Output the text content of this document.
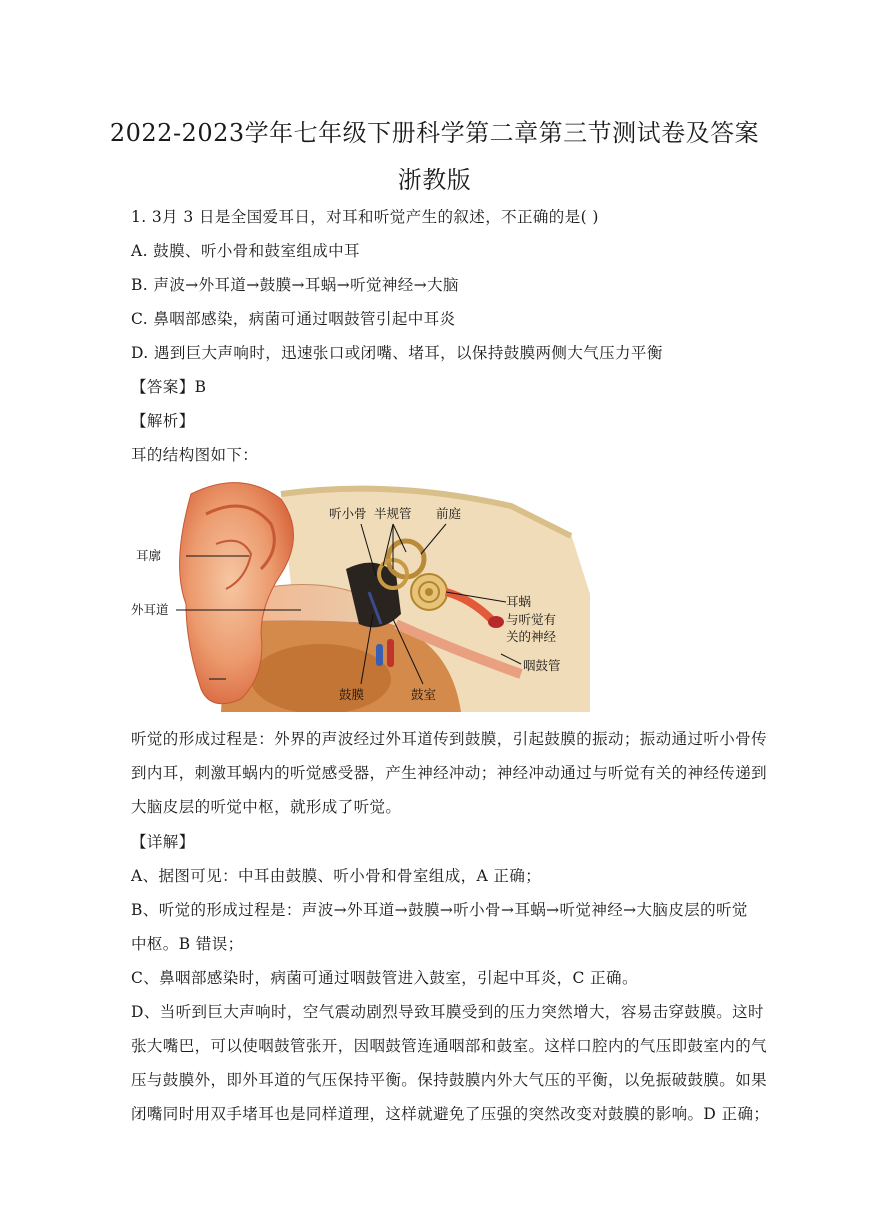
2022-2023学年七年级下册科学第二章第三节测试卷及答案
浙教版
1. 3月 3 日是全国爱耳日，对耳和听觉产生的叙述，不正确的是( )
A. 鼓膜、听小骨和鼓室组成中耳
B. 声波→外耳道→鼓膜→耳蜗→听觉神经→大脑
C. 鼻咽部感染，病菌可通过咽鼓管引起中耳炎
D. 遇到巨大声响时，迅速张口或闭嘴、堵耳，以保持鼓膜两侧大气压力平衡
【答案】B
【解析】
耳的结构图如下：
耳廓
外耳道
听小骨 半规管 前庭
耳蜗
与听觉有
关的神经
咽鼓管
鼓膜	鼓室
听觉的形成过程是：外界的声波经过外耳道传到鼓膜，引起鼓膜的振动；振动通过听小骨传
到内耳，刺激耳蜗内的听觉感受器，产生神经冲动；神经冲动通过与听觉有关的神经传递到
大脑皮层的听觉中枢，就形成了听觉。
【详解】
A、据图可见：中耳由鼓膜、听小骨和骨室组成，A 正确；
B、听觉的形成过程是：声波→外耳道→鼓膜→听小骨→耳蜗→听觉神经→大脑皮层的听觉
中枢。B 错误；
C、鼻咽部感染时，病菌可通过咽鼓管进入鼓室，引起中耳炎，C 正确。
D、当听到巨大声响时，空气震动剧烈导致耳膜受到的压力突然增大，容易击穿鼓膜。这时
张大嘴巴，可以使咽鼓管张开，因咽鼓管连通咽部和鼓室。这样口腔内的气压即鼓室内的气
压与鼓膜外，即外耳道的气压保持平衡。保持鼓膜内外大气压的平衡，以免振破鼓膜。如果
闭嘴同时用双手堵耳也是同样道理，这样就避免了压强的突然改变对鼓膜的影响。D 正确；
